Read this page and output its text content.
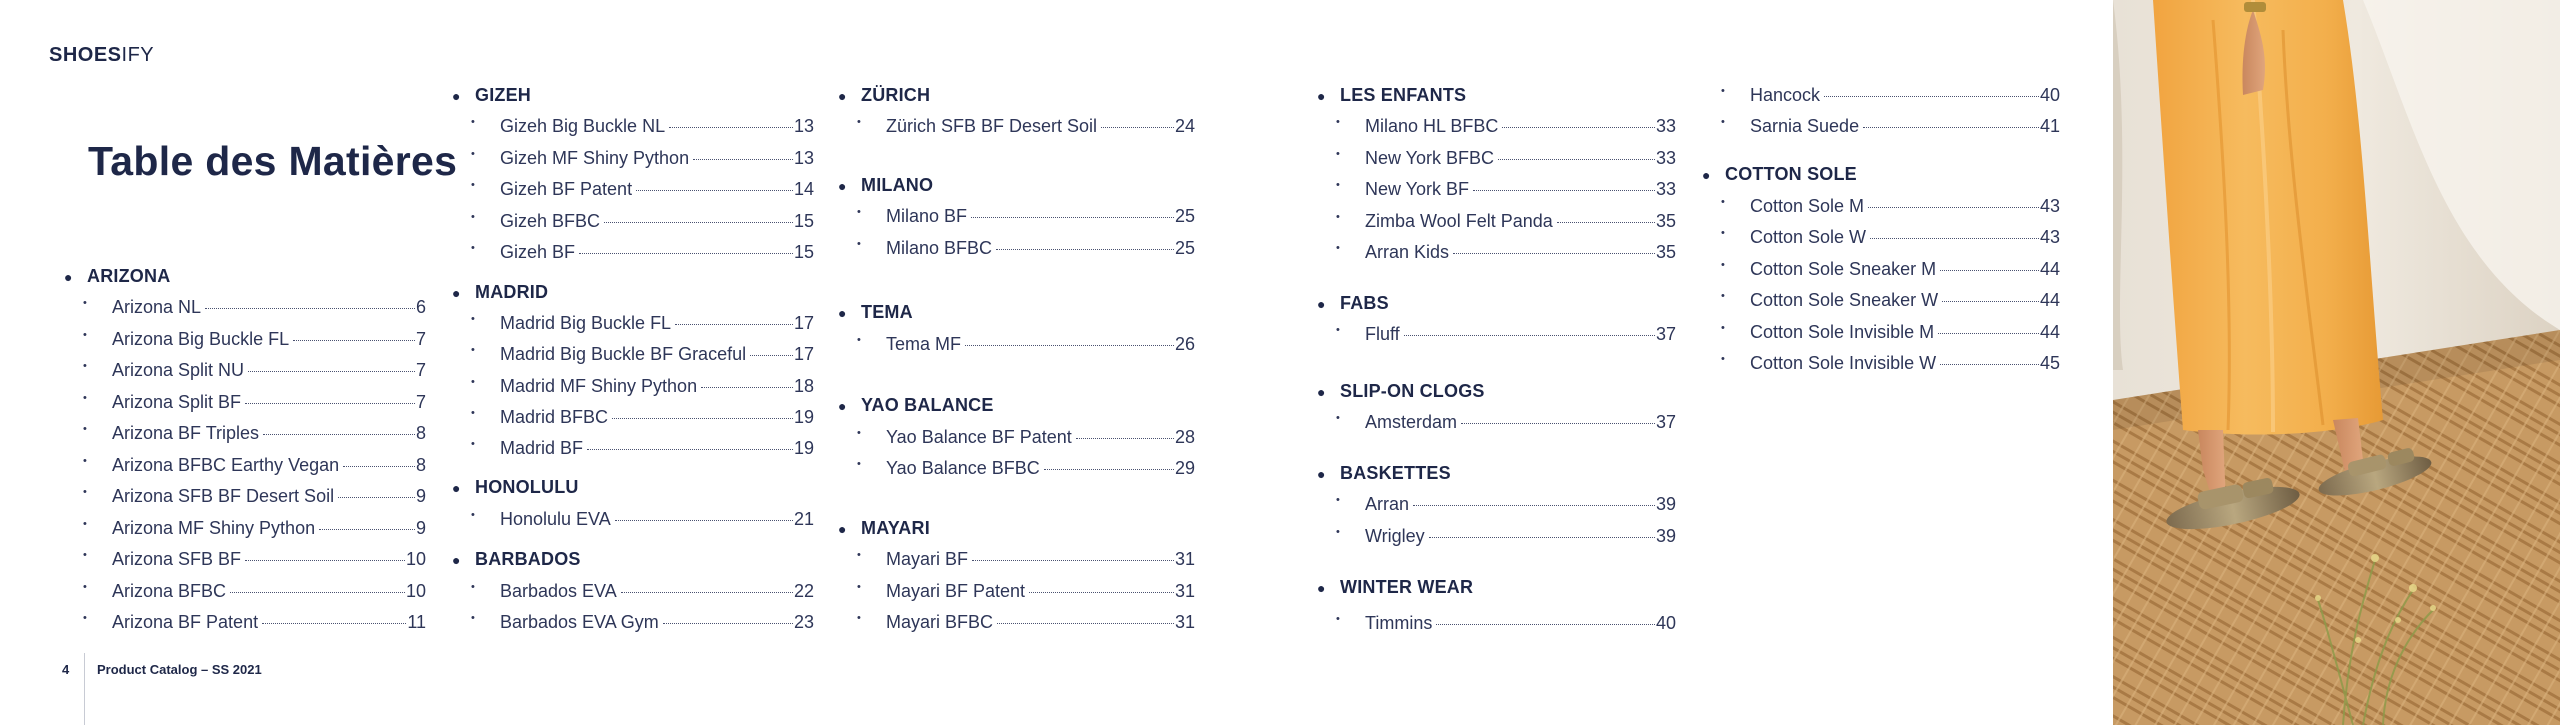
SHOESIFY
Table des Matières
● ARIZONA
• Arizona NL	6
• Arizona Big Buckle FL	7
• Arizona Split NU	7
• Arizona Split BF	7
• Arizona BF Triples	8
• Arizona BFBC Earthy Vegan	8
• Arizona SFB BF Desert Soil	9
• Arizona MF Shiny Python	9
• Arizona SFB BF	10
• Arizona BFBC	10
• Arizona BF Patent	11
● GIZEH
• Gizeh Big Buckle NL	13
• Gizeh MF Shiny Python	13
• Gizeh BF Patent	14
• Gizeh BFBC	15
• Gizeh BF	15
● MADRID
• Madrid Big Buckle FL	17
• Madrid Big Buckle BF Graceful	17
• Madrid MF Shiny Python	18
• Madrid BFBC	19
• Madrid BF	19
● HONOLULU
• Honolulu EVA	21
● BARBADOS
• Barbados EVA	22
• Barbados EVA Gym	23
● ZÜRICH
• Zürich SFB BF Desert Soil	24
● MILANO
• Milano BF	25
• Milano BFBC	25
● TEMA
• Tema MF	26
● YAO BALANCE
• Yao Balance BF Patent	28
• Yao Balance BFBC	29
● MAYARI
• Mayari BF	31
• Mayari BF Patent	31
• Mayari BFBC	31
● LES ENFANTS
• Milano HL BFBC	33
• New York BFBC	33
• New York BF	33
• Zimba Wool Felt Panda	35
• Arran Kids	35
● FABS
• Fluff	37
● SLIP-ON CLOGS
• Amsterdam	37
● BASKETTES
• Arran	39
• Wrigley	39
● WINTER WEAR
• Timmins	40
• Hancock	40
• Sarnia Suede	41
● COTTON SOLE
• Cotton Sole M	43
• Cotton Sole W	43
• Cotton Sole Sneaker M	44
• Cotton Sole Sneaker W	44
• Cotton Sole Invisible M	44
• Cotton Sole Invisible W	45
4	Product Catalog – SS 2021
